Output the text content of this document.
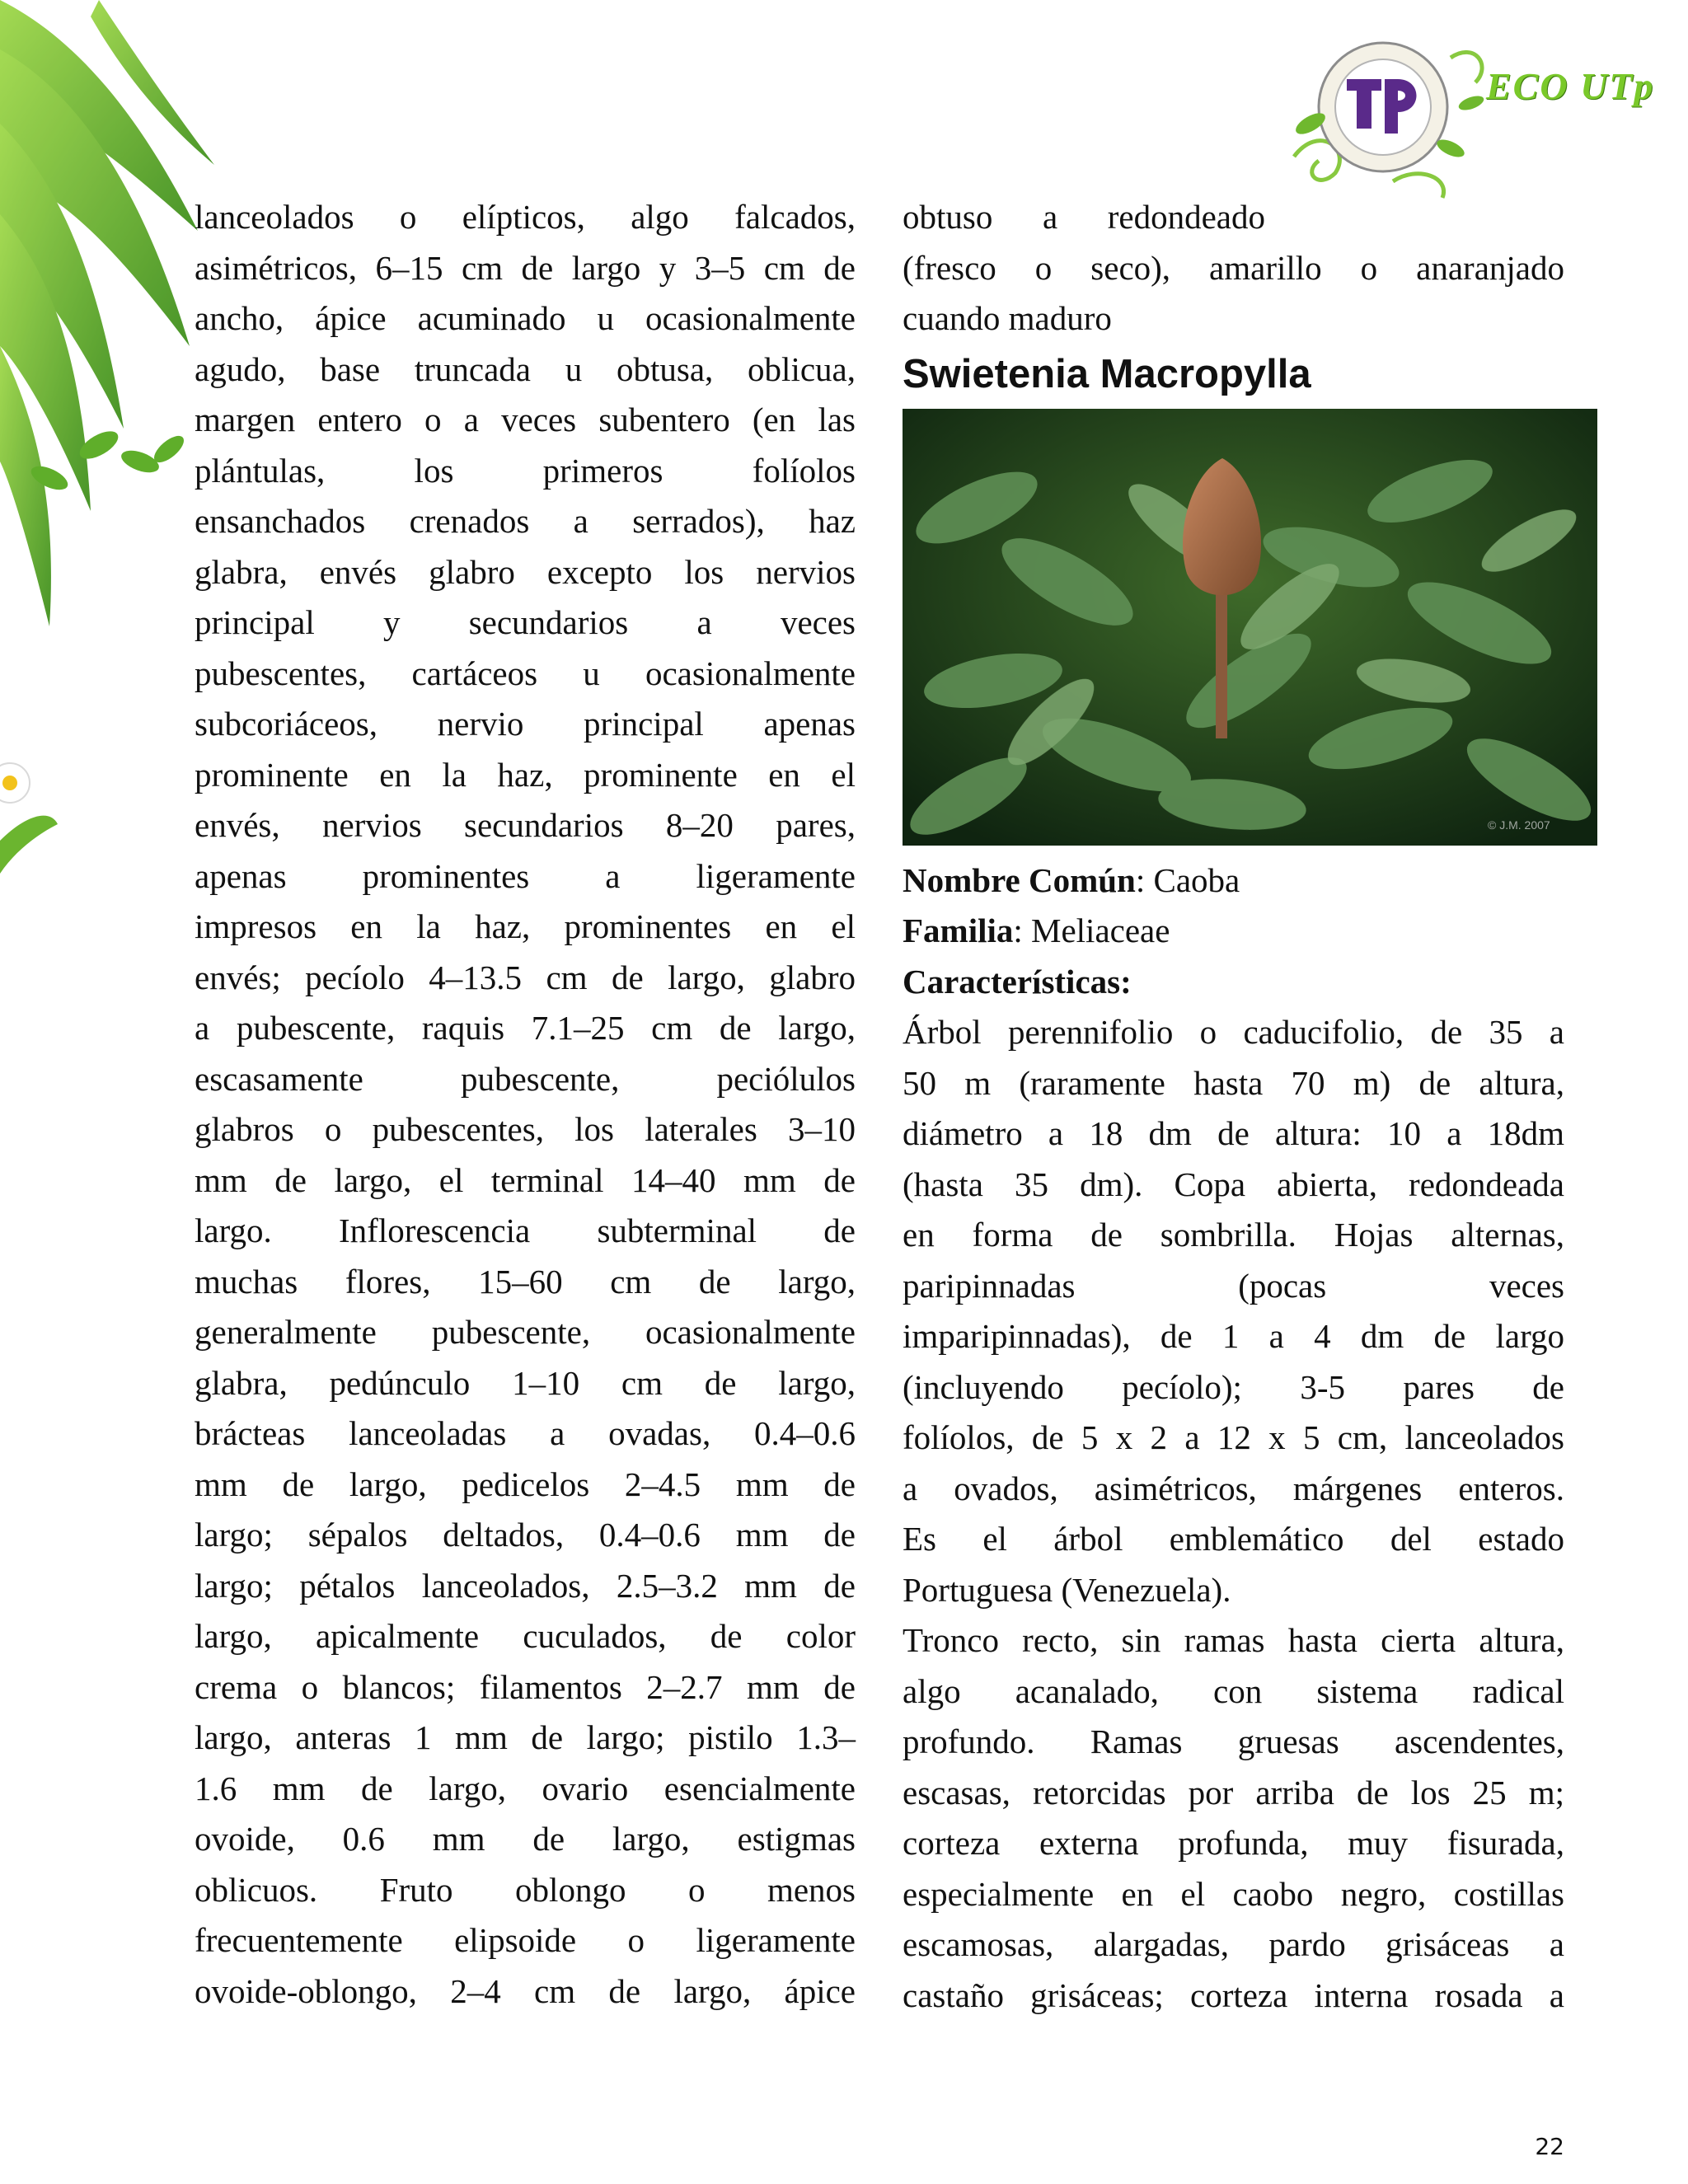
ECO UTp

lanceolados o elípticos, algo falcados,
asimétricos, 6–15 cm de largo y 3–5 cm de
ancho, ápice acuminado u ocasionalmente
agudo, base truncada u obtusa, oblicua,
margen entero o a veces subentero (en las
plántulas, los primeros folíolos
ensanchados crenados a serrados), haz
glabra, envés glabro excepto los nervios
principal y secundarios a veces
pubescentes, cartáceos u ocasionalmente
subcoriáceos, nervio principal apenas
prominente en la haz, prominente en el
envés, nervios secundarios 8–20 pares,
apenas prominentes a ligeramente
impresos en la haz, prominentes en el
envés; pecíolo 4–13.5 cm de largo, glabro
a pubescente, raquis 7.1–25 cm de largo,
escasamente pubescente, peciólulos
glabros o pubescentes, los laterales 3–10
mm de largo, el terminal 14–40 mm de
largo. Inflorescencia subterminal de
muchas flores, 15–60 cm de largo,
generalmente pubescente, ocasionalmente
glabra, pedúnculo 1–10 cm de largo,
brácteas lanceoladas a ovadas, 0.4–0.6
mm de largo, pedicelos 2–4.5 mm de
largo; sépalos deltados, 0.4–0.6 mm de
largo; pétalos lanceolados, 2.5–3.2 mm de
largo, apicalmente cuculados, de color
crema o blancos; filamentos 2–2.7 mm de
largo, anteras 1 mm de largo; pistilo 1.3–
1.6 mm de largo, ovario esencialmente
ovoide, 0.6 mm de largo, estigmas
oblicuos. Fruto oblongo o menos
frecuentemente elipsoide o ligeramente
ovoide-oblongo, 2–4 cm de largo, ápice

obtuso a redondeado
(fresco o seco), amarillo o anaranjado
cuando maduro

Swietenia Macropylla
© J.M. 2007
Nombre Común: Caoba
Familia: Meliaceae
Características:

Árbol perennifolio o caducifolio, de 35 a
50 m (raramente hasta 70 m) de altura,
diámetro a 18 dm de altura: 10 a 18dm
(hasta 35 dm). Copa abierta, redondeada
en forma de sombrilla. Hojas alternas,
paripinnadas (pocas veces
imparipinnadas), de 1 a 4 dm de largo
(incluyendo pecíolo); 3-5 pares de
folíolos, de 5 x 2 a 12 x 5 cm, lanceolados
a ovados, asimétricos, márgenes enteros.
Es el árbol emblemático del estado
Portuguesa (Venezuela).

Tronco recto, sin ramas hasta cierta altura,
algo acanalado, con sistema radical
profundo. Ramas gruesas ascendentes,
escasas, retorcidas por arriba de los 25 m;
corteza externa profunda, muy fisurada,
especialmente en el caobo negro, costillas
escamosas, alargadas, pardo grisáceas a
castaño grisáceas; corteza interna rosada a

22
